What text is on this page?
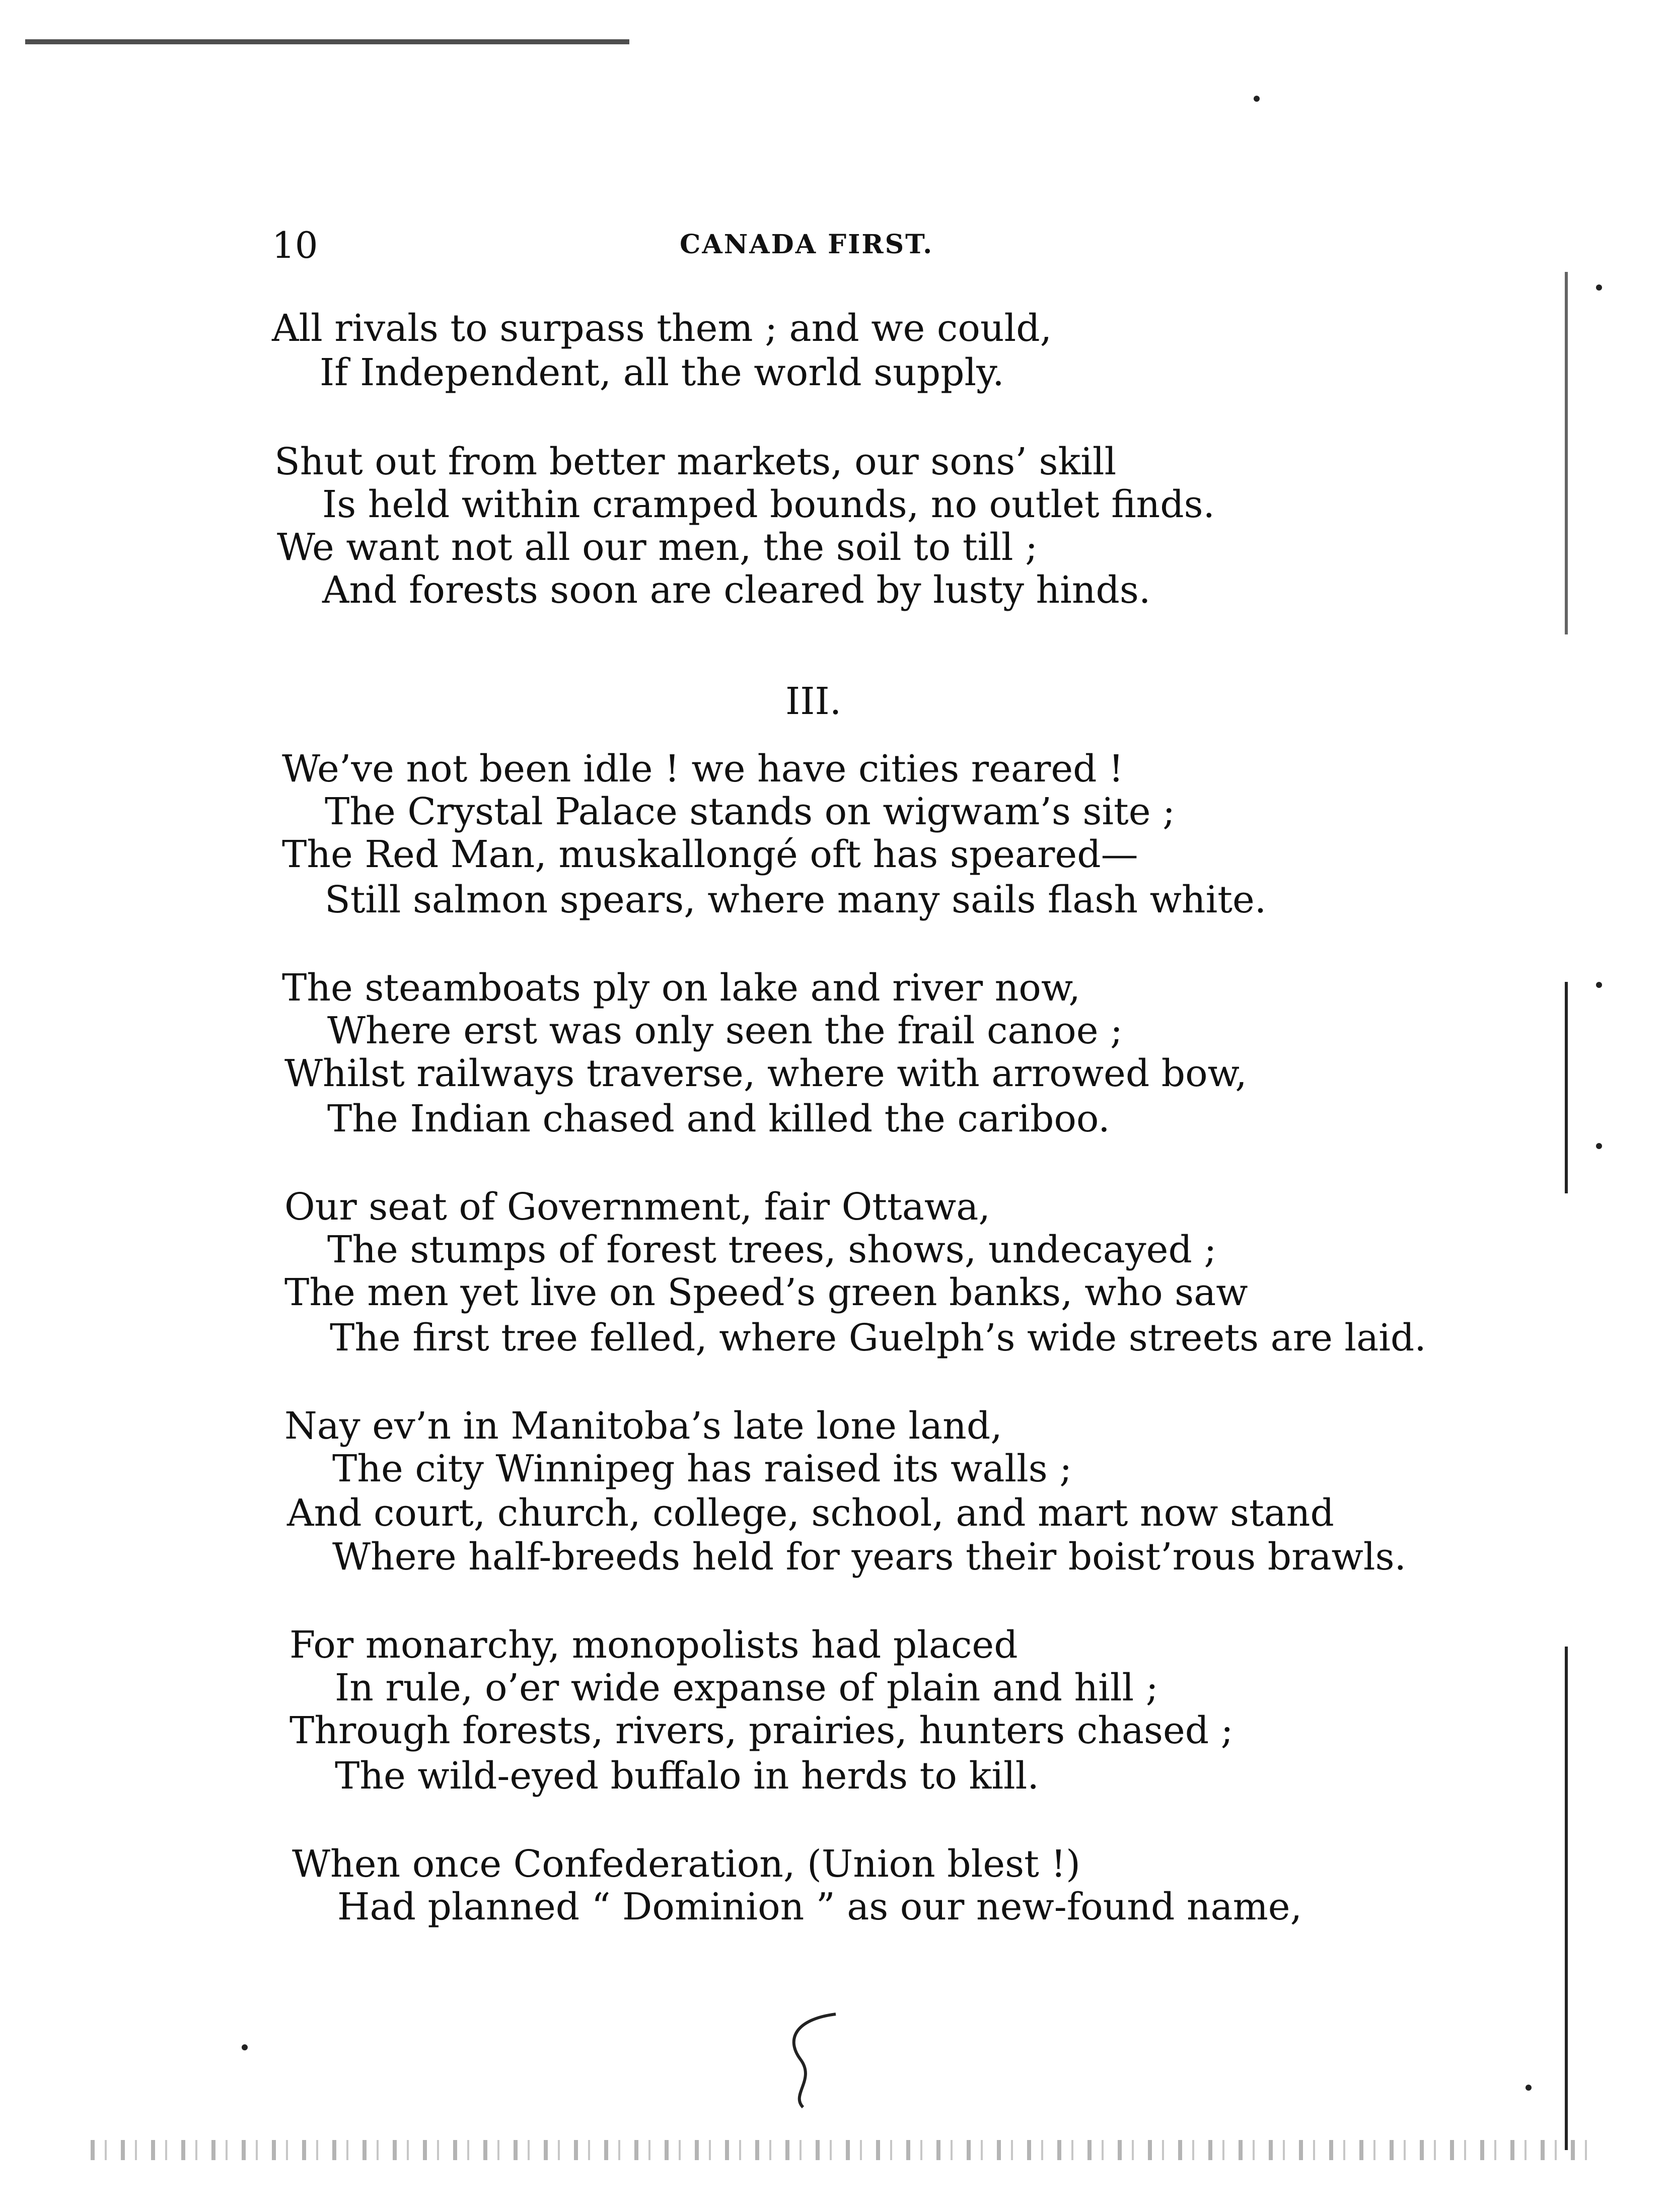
10	CANADA FIRST.
All rivals to surpass them ; and we could,
If Independent, all the world supply.
Shut out from better markets, our sons’ skill
Is held within cramped bounds, no outlet finds.
We want not all our men, the soil to till ;
And forests soon are cleared by lusty hinds.
III.
We’ve not been idle ! we have cities reared !
The Crystal Palace stands on wigwam’s site ;
The Red Man, muskallongé oft has speared—
Still salmon spears, where many sails flash white.
The steamboats ply on lake and river now,
Where erst was only seen the frail canoe ;
Whilst railways traverse, where with arrowed bow,
The Indian chased and killed the cariboo.
Our seat of Government, fair Ottawa,
The stumps of forest trees, shows, undecayed ;
The men yet live on Speed’s green banks, who saw
The first tree felled, where Guelph’s wide streets are laid.
Nay ev’n in Manitoba’s late lone land,
The city Winnipeg has raised its walls ;
And court, church, college, school, and mart now stand
Where half-breeds held for years their boist’rous brawls.
For monarchy, monopolists had placed
In rule, o’er wide expanse of plain and hill ;
Through forests, rivers, prairies, hunters chased ;
The wild-eyed buffalo in herds to kill.
When once Confederation, (Union blest !)
Had planned “ Dominion ” as our new-found name,
